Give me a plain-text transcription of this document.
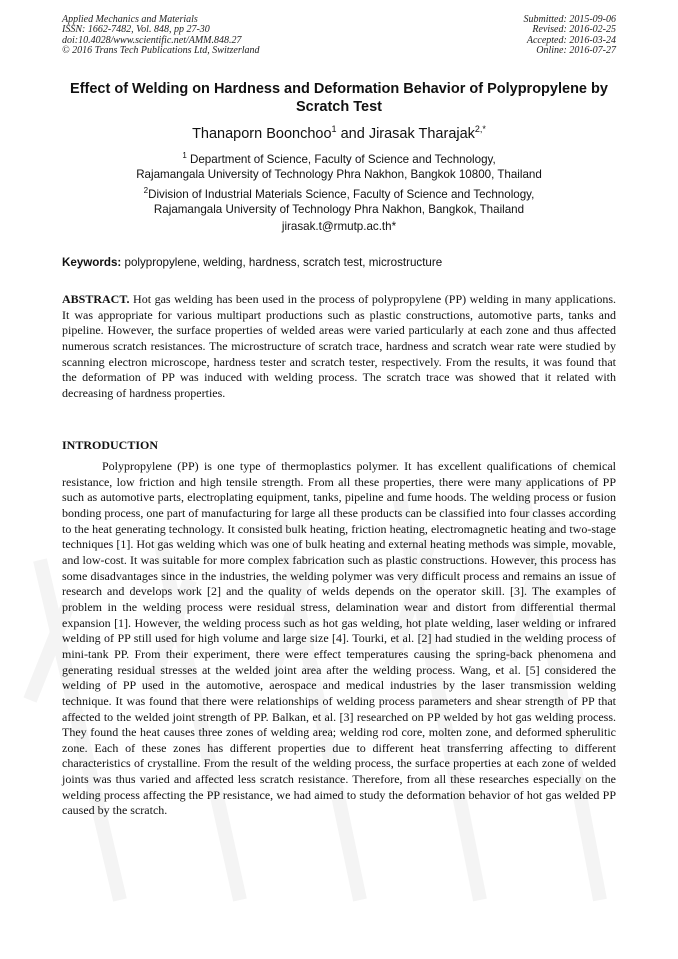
Applied Mechanics and Materials
ISSN: 1662-7482, Vol. 848, pp 27-30
doi:10.4028/www.scientific.net/AMM.848.27
© 2016 Trans Tech Publications Ltd, Switzerland
Submitted: 2015-09-06
Revised: 2016-02-25
Accepted: 2016-03-24
Online: 2016-07-27
Effect of Welding on Hardness and Deformation Behavior of Polypropylene by Scratch Test
Thanaporn Boonchoo$^1$ and Jirasak Tharajak$^{2,*}$
$^1$ Department of Science, Faculty of Science and Technology,
Rajamangala University of Technology Phra Nakhon, Bangkok 10800, Thailand
$^2$Division of Industrial Materials Science, Faculty of Science and Technology,
Rajamangala University of Technology Phra Nakhon, Bangkok, Thailand
jirasak.t@rmutp.ac.th*
Keywords: polypropylene, welding, hardness, scratch test, microstructure
ABSTRACT. Hot gas welding has been used in the process of polypropylene (PP) welding in many applications. It was appropriate for various multipart productions such as plastic constructions, automotive parts, tanks and pipeline. However, the surface properties of welded areas were varied particularly at each zone and thus affected numerous scratch resistances. The microstructure of scratch trace, hardness and scratch wear rate were studied by scanning electron microscope, hardness tester and scratch tester, respectively. From the results, it was found that the deformation of PP was induced with welding process. The scratch trace was showed that it related with decreasing of hardness properties.
INTRODUCTION
Polypropylene (PP) is one type of thermoplastics polymer. It has excellent qualifications of chemical resistance, low friction and high tensile strength. From all these properties, there were many applications of PP such as automotive parts, electroplating equipment, tanks, pipeline and fume hoods. The welding process or fusion bonding process, one part of manufacturing for large all these products can be classified into four classes according to the heat generating technology. It consisted bulk heating, friction heating, electromagnetic heating and two-stage techniques [1]. Hot gas welding which was one of bulk heating and external heating methods was simple, movable, and low-cost. It was suitable for more complex fabrication such as plastic constructions. However, this process has some disadvantages since in the industries, the welding polymer was very difficult process and remains an issue of research and develops work [2] and the quality of welds depends on the operator skill. [3]. The examples of problem in the welding process were residual stress, delamination wear and distort from differential thermal expansion [1]. However, the welding process such as hot gas welding, hot plate welding, laser welding or infrared welding of PP still used for high volume and large size [4]. Tourki, et al. [2] had studied in the welding process of mini-tank PP. From their experiment, there were effect temperatures causing the spring-back phenomena and generating residual stresses at the welded joint area after the welding process. Wang, et al. [5] considered the welding of PP used in the automotive, aerospace and medical industries by the laser transmission welding technique. It was found that there were relationships of welding process parameters and shear strength of PP that affected to the welded joint strength of PP. Balkan, et al. [3] researched on PP welded by hot gas welding process. They found the heat causes three zones of welding area; welding rod core, molten zone, and deformed spherulitic zone. Each of these zones has different properties due to different heat transferring affecting to different characteristics of crystalline. From the result of the welding process, the surface properties at each zone of welded joints was thus varied and affected less scratch resistance. Therefore, from all these researches especially on the welding process affecting the PP resistance, we had aimed to study the deformation behavior of hot gas welded PP caused by the scratch.
